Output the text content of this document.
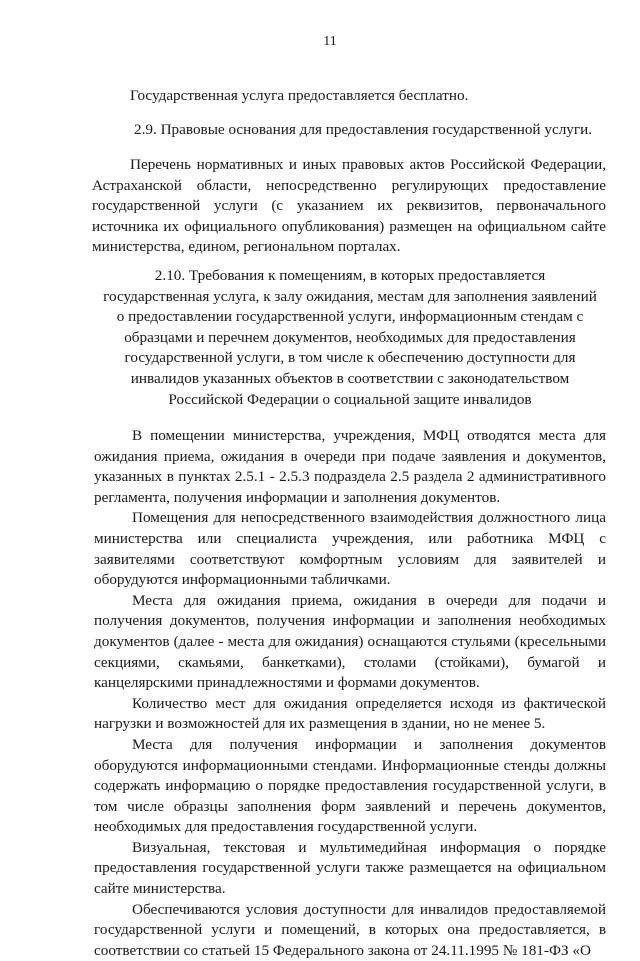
11
Государственная услуга предоставляется бесплатно.
2.9. Правовые основания для предоставления государственной услуги.
Перечень нормативных и иных правовых актов Российской Федерации, Астраханской области, непосредственно регулирующих предоставление государственной услуги (с указанием их реквизитов, первоначального источника их официального опубликования) размещен на официальном сайте министерства, едином, региональном порталах.
2.10. Требования к помещениям, в которых предоставляется государственная услуга, к залу ожидания, местам для заполнения заявлений о предоставлении государственной услуги, информационным стендам с образцами и перечнем документов, необходимых для предоставления государственной услуги, в том числе к обеспечению доступности для инвалидов указанных объектов в соответствии с законодательством Российской Федерации о социальной защите инвалидов

В помещении министерства, учреждения, МФЦ отводятся места для ожидания приема, ожидания в очереди при подаче заявления и документов, указанных в пунктах 2.5.1 - 2.5.3 подраздела 2.5 раздела 2 административного регламента, получения информации и заполнения документов.

Помещения для непосредственного взаимодействия должностного лица министерства или специалиста учреждения, или работника МФЦ с заявителями соответствуют комфортным условиям для заявителей и оборудуются информационными табличками.

Места для ожидания приема, ожидания в очереди для подачи и получения документов, получения информации и заполнения необходимых документов (далее - места для ожидания) оснащаются стульями (кресельными секциями, скамьями, банкетками), столами (стойками), бумагой и канцелярскими принадлежностями и формами документов.

Количество мест для ожидания определяется исходя из фактической нагрузки и возможностей для их размещения в здании, но не менее 5.

Места для получения информации и заполнения документов оборудуются информационными стендами. Информационные стенды должны содержать информацию о порядке предоставления государственной услуги, в том числе образцы заполнения форм заявлений и перечень документов, необходимых для предоставления государственной услуги.

Визуальная, текстовая и мультимедийная информация о порядке предоставления государственной услуги также размещается на официальном сайте министерства.

Обеспечиваются условия доступности для инвалидов предоставляемой государственной услуги и помещений, в которых она предоставляется, в соответствии со статьей 15 Федерального закона от 24.11.1995 № 181-ФЗ «О
